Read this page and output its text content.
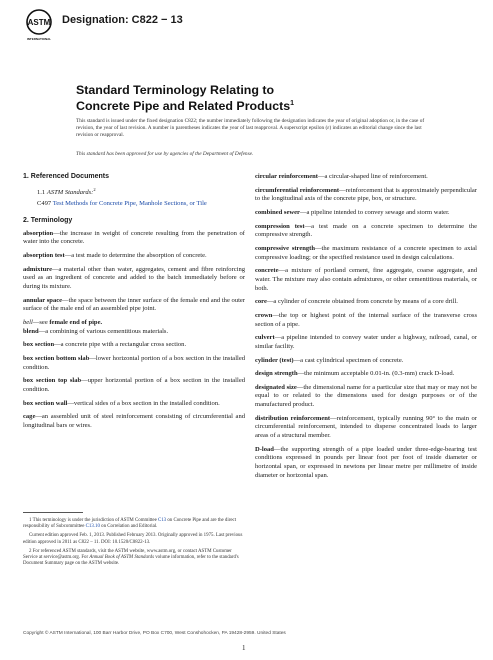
ASTM
INTERNATIONAL
Designation: C822 − 13
Standard Terminology Relating to
Concrete Pipe and Related Products$^1$
This standard is issued under the fixed designation C822; the number immediately following the designation indicates the year of original adoption or, in the case of revision, the year of last revision. A number in parentheses indicates the year of last reapproval. A superscript epsilon (ε) indicates an editorial change since the last revision or reapproval.
This standard has been approved for use by agencies of the Department of Defense.
1. Referenced Documents
1.1 ASTM Standards:$^2$
C497 Test Methods for Concrete Pipe, Manhole Sections, or Tile
2. Terminology
absorption—the increase in weight of concrete resulting from the penetration of water into the concrete.
absorption test—a test made to determine the absorption of concrete.
admixture—a material other than water, aggregates, cement and fibre reinforcing used as an ingredient of concrete and added to the batch immediately before or during its mixture.
annular space—the space between the inner surface of the female end and the outer surface of the male end of an assembled pipe joint.
bell—see female end of pipe.
blend—a combining of various cementitious materials.
box section—a concrete pipe with a rectangular cross section.
box section bottom slab—lower horizontal portion of a box section in the installed condition.
box section top slab—upper horizontal portion of a box section in the installed condition.
box section wall—vertical sides of a box section in the installed condition.
cage—an assembled unit of steel reinforcement consisting of circumferential and longitudinal bars or wires.
circular reinforcement—a circular-shaped line of reinforcement.
circumferential reinforcement—reinforcement that is approximately perpendicular to the longitudinal axis of the concrete pipe, box, or structure.
combined sewer—a pipeline intended to convey sewage and storm water.
compression test—a test made on a concrete specimen to determine the compressive strength.
compressive strength—the maximum resistance of a concrete specimen to axial compressive loading; or the specified resistance used in design calculations.
concrete—a mixture of portland cement, fine aggregate, coarse aggregate, and water. The mixture may also contain admixtures, or other cementitious materials, or both.
core—a cylinder of concrete obtained from concrete by means of a core drill.
crown—the top or highest point of the internal surface of the transverse cross section of a pipe.
culvert—a pipeline intended to convey water under a highway, railroad, canal, or similar facility.
cylinder (test)—a cast cylindrical specimen of concrete.
design strength—the minimum acceptable 0.01-in. (0.3-mm) crack D-load.
designated size—the dimensional name for a particular size that may or may not be equal to or related to the dimensions used for design purposes or of the manufactured product.
distribution reinforcement—reinforcement, typically running 90° to the main or circumferential reinforcement, intended to disperse concentrated loads to larger areas of a structural member.
D-load—the supporting strength of a pipe loaded under three-edge-bearing test conditions expressed in pounds per linear foot per foot of inside diameter or horizontal span, or expressed in newtons per linear metre per millimetre of inside diameter or horizontal span.

1 This terminology is under the jurisdiction of ASTM Committee C13 on Concrete Pipe and are the direct responsibility of Subcommittee C13.10 on Correlation and Editorial.

Current edition approved Feb. 1, 2013. Published February 2013. Originally approved in 1975. Last previous edition approved in 2011 as C822 – 11. DOI: 10.1520/C0822-13.

2 For referenced ASTM standards, visit the ASTM website, www.astm.org, or contact ASTM Customer Service at service@astm.org. For Annual Book of ASTM Standards volume information, refer to the standard's Document Summary page on the ASTM website.

Copyright © ASTM International, 100 Barr Harbor Drive, PO Box C700, West Conshohocken, PA 19428-2959. United States
1
